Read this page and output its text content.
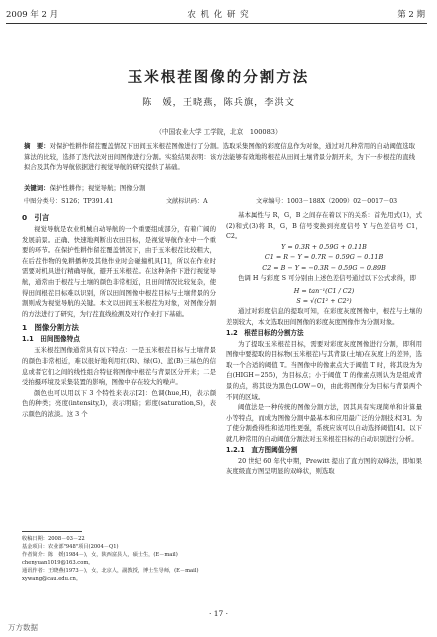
2009 年 2 月	农 机 化 研 究	第 2 期
玉米根茬图像的分割方法
陈　媛，王晓燕，陈兵旗，李洪文
（中国农业大学 工学院，北京　100083）
摘　要：对保护性耕作留茬覆盖情况下田间玉米根茬图像进行了分割。选取采集图像的彩度信息作为对象，通过对几种常用的自动阈值选取算法的比较，选择了迭代法对田间图像进行分割。实验结果表明：该方法能够有效地将根茬从田间土壤背景分割开来，为下一步根茬的直线拟合及其作为导航依据进行视觉导航的研究提供了基础。
关键词：保护性耕作；视觉导航；图像分割
中图分类号：S126；TP391.41	文献标识码：A	文章编号：1003－188X（2009）02－0017－03

0　引言

视觉导航是农业机械自动导航的一个重要组成部分，有着广阔的发展前景。正确、快速地判断出农田目标，是视觉导航作业中一个重要的环节。在保护性耕作留茬覆盖情况下，由于玉米根茬比较粗大，在后茬作物的免耕播种及其他作业时会碰撞机具[1]，所以在作业时需要对机具进行精确导航，避开玉米根茬。在这种条件下进行视觉导航，通常由于根茬与土壤的颜色非常相近，且田间情况比较复杂，使得田间根茬目标难以识别，所以田间图像中根茬目标与土壤背景的分割则成为视觉导航的关键。本文以田间玉米根茬为对象，对图像分割的方法进行了研究，为行茬直线检测及对行作业打下基础。

1　图像分割方法

1.1　田间图像特点

玉米根茬图像通常具有以下特点：一是玉米根茬目标与土壤背景的颜色非常相近，难以很好地利用红(R)、绿(G)、蓝(B)三基色的信息或者它们之间的线性组合特征将图像中根茬与背景区分开来；二是受拍摄环境及采集装置的影响，图像中存在较大的噪声。

颜色也可以用以下 3 个特性来表示[2]：色调(hue,H)，表示颜色的种类；亮度(intensity,I)，表示明暗；彩度(saturation,S)，表示颜色的浓淡。这 3 个

收稿日期：2008－03－22
基金项目：农业部"948"项目(2004－Q1)
作者简介：陈　媛(1984－)，女，陕西富县人，硕士生，(E－mail) chenyuan1019@163.com。
通讯作者：王晓燕(1973－)，女，北京人，副教授，博士生导师，(E－mail) xywang@cau.edu.cn。

基本属性与 R，G，B 之间存在着以下的关系：首先用式(1)，式(2)和式(3)将 R，G，B 信号变换到亮度信号 Y 与色差信号 C1，C2。

Y = 0.3R + 0.59G + 0.11B

C1 = R − Y = 0.7R − 0.59G − 0.11B

C2 = B − Y = −0.3R − 0.59G − 0.89B

色调 H 与彩度 S 可分别由上述色差信号通过以下公式求得，即

H = tan⁻¹(C1 / C2)

S = √(C1² + C2²)

通过对彩度信息的提取可知，在彩度灰度图像中，根茬与土壤的差别较大，本文选取田间图像的彩度灰度图像作为分割对象。

1.2　根茬目标的分割方法

为了提取玉米根茬目标，需要对彩度灰度图像进行分割，即利用图像中要提取的目标物(玉米根茬)与其背景(土壤)在灰度上的差异，选取一个合适的阈值 T。当图像中的像素点大于阈值 T 时，将其设为为白(HIGH＝255)，为目标点；小于阈值 T 的像素点则认为是组成背景的点，将其设为黑色(LOW＝0)，由此将图像分为目标与背景两个不同的区域。

阈值法是一种传统的图像分割方法，因其具有实现简单和计算量小等特点，而成为图像分割中最基本和应用最广泛的分割技术[3]。为了使分割叠得性和适用性更强，系统应该可以自动选择阈值[4]。以下就几种常用的自动阈值分割法对玉米根茬目标的自动识别进行分析。

1.2.1　直方图阈值分割

20 世纪 60 年代中期，Prewitt 提出了直方图的双峰法，即如果灰度级直方图呈明显的双峰状，则选取

· 17 ·
万方数据
